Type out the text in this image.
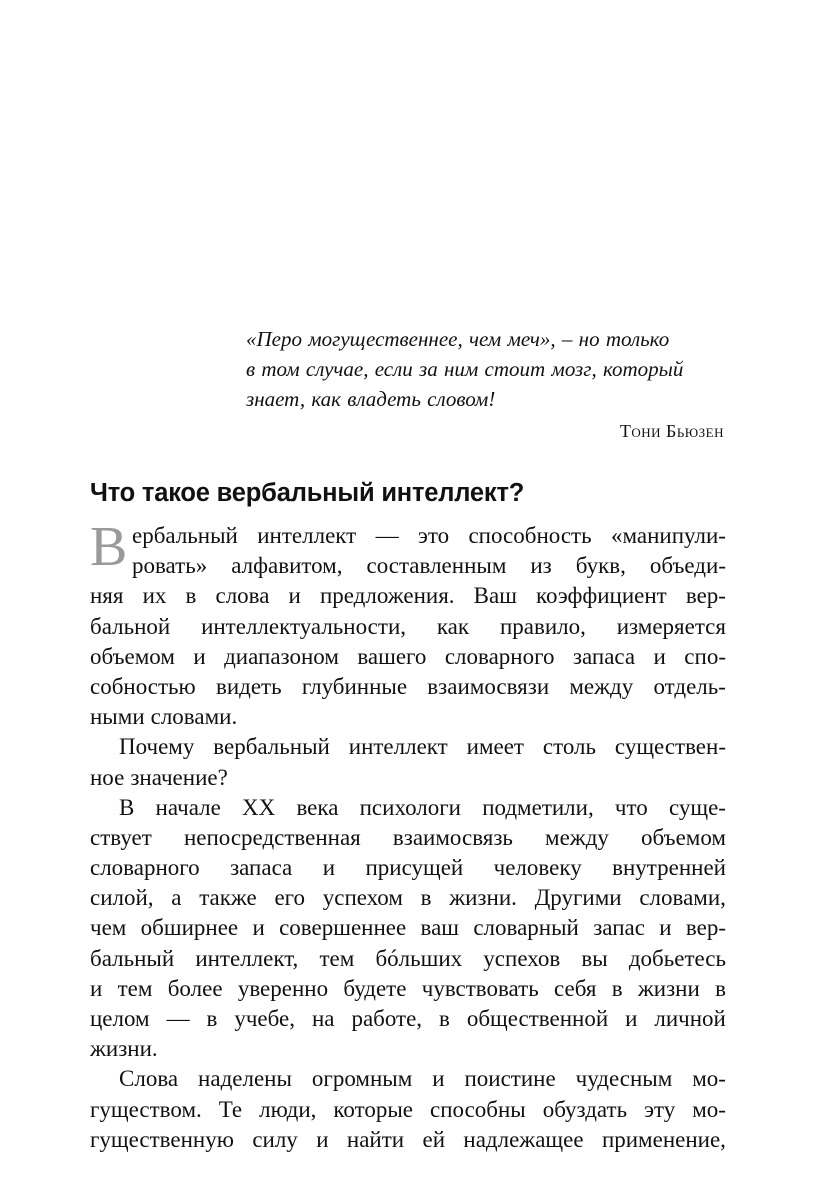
«Перо могущественнее, чем меч», – но только
в том случае, если за ним стоит мозг, который
знает, как владеть словом!
Тони Бьюзен
Что такое вербальный интеллект?
В ербальный интеллект — это способность «манипули-
ровать» алфавитом, составленным из букв, объеди-
няя их в слова и предложения. Ваш коэффициент вер-
бальной интеллектуальности, как правило, измеряется
объемом и диапазоном вашего словарного запаса и спо-
собностью видеть глубинные взаимосвязи между отдель-
ными словами.
Почему вербальный интеллект имеет столь существен-
ное значение?
В начале XX века психологи подметили, что суще-
ствует непосредственная взаимосвязь между объемом
словарного запаса и присущей человеку внутренней
силой, а также его успехом в жизни. Другими словами,
чем обширнее и совершеннее ваш словарный запас и вер-
бальный интеллект, тем бóльших успехов вы добьетесь
и тем более уверенно будете чувствовать себя в жизни в
целом — в учебе, на работе, в общественной и личной
жизни.
Слова наделены огромным и поистине чудесным мо-
гуществом. Те люди, которые способны обуздать эту мо-
гущественную силу и найти ей надлежащее применение,
